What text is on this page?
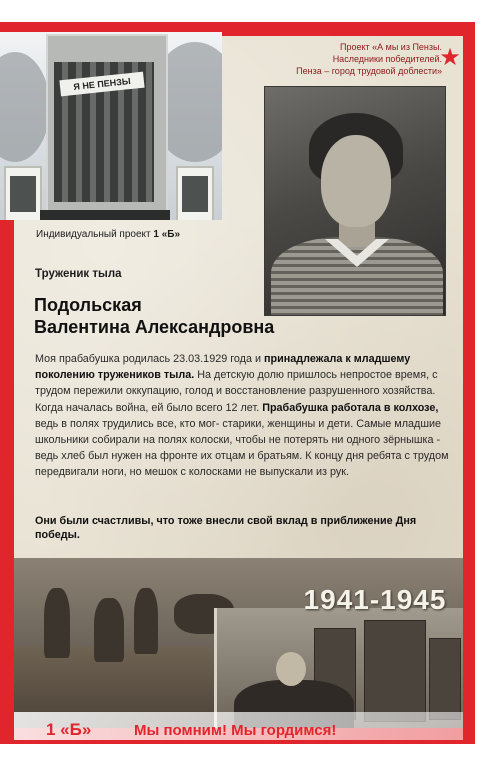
Я НЕ ПЕНЗЫ
Проект «А мы из Пензы.
Наследники победителей.
Пенза – город трудовой доблести»
★
Индивидуальный проект 1 «Б»
Труженик тыла
Подольская
Валентина Александровна
Моя прабабушка родилась 23.03.1929 года и принадлежала к младшему поколению тружеников тыла. На детскую долю пришлось непростое время, с трудом пережили оккупацию, голод и восстановление разрушенного хозяйства.
Когда началась война, ей было всего 12 лет. Прабабушка работала в колхозе, ведь в полях трудились все, кто мог- старики, женщины и дети. Самые младшие школьники собирали на полях колоски, чтобы не потерять ни одного зёрнышка - ведь хлеб был нужен на фронте их отцам и братьям. К концу дня ребята с трудом передвигали ноги, но мешок с колосками не выпускали из рук.
Они были счастливы, что тоже внесли свой вклад в приближение Дня победы.
1941-1945
1 «Б»	Мы помним! Мы гордимся!
